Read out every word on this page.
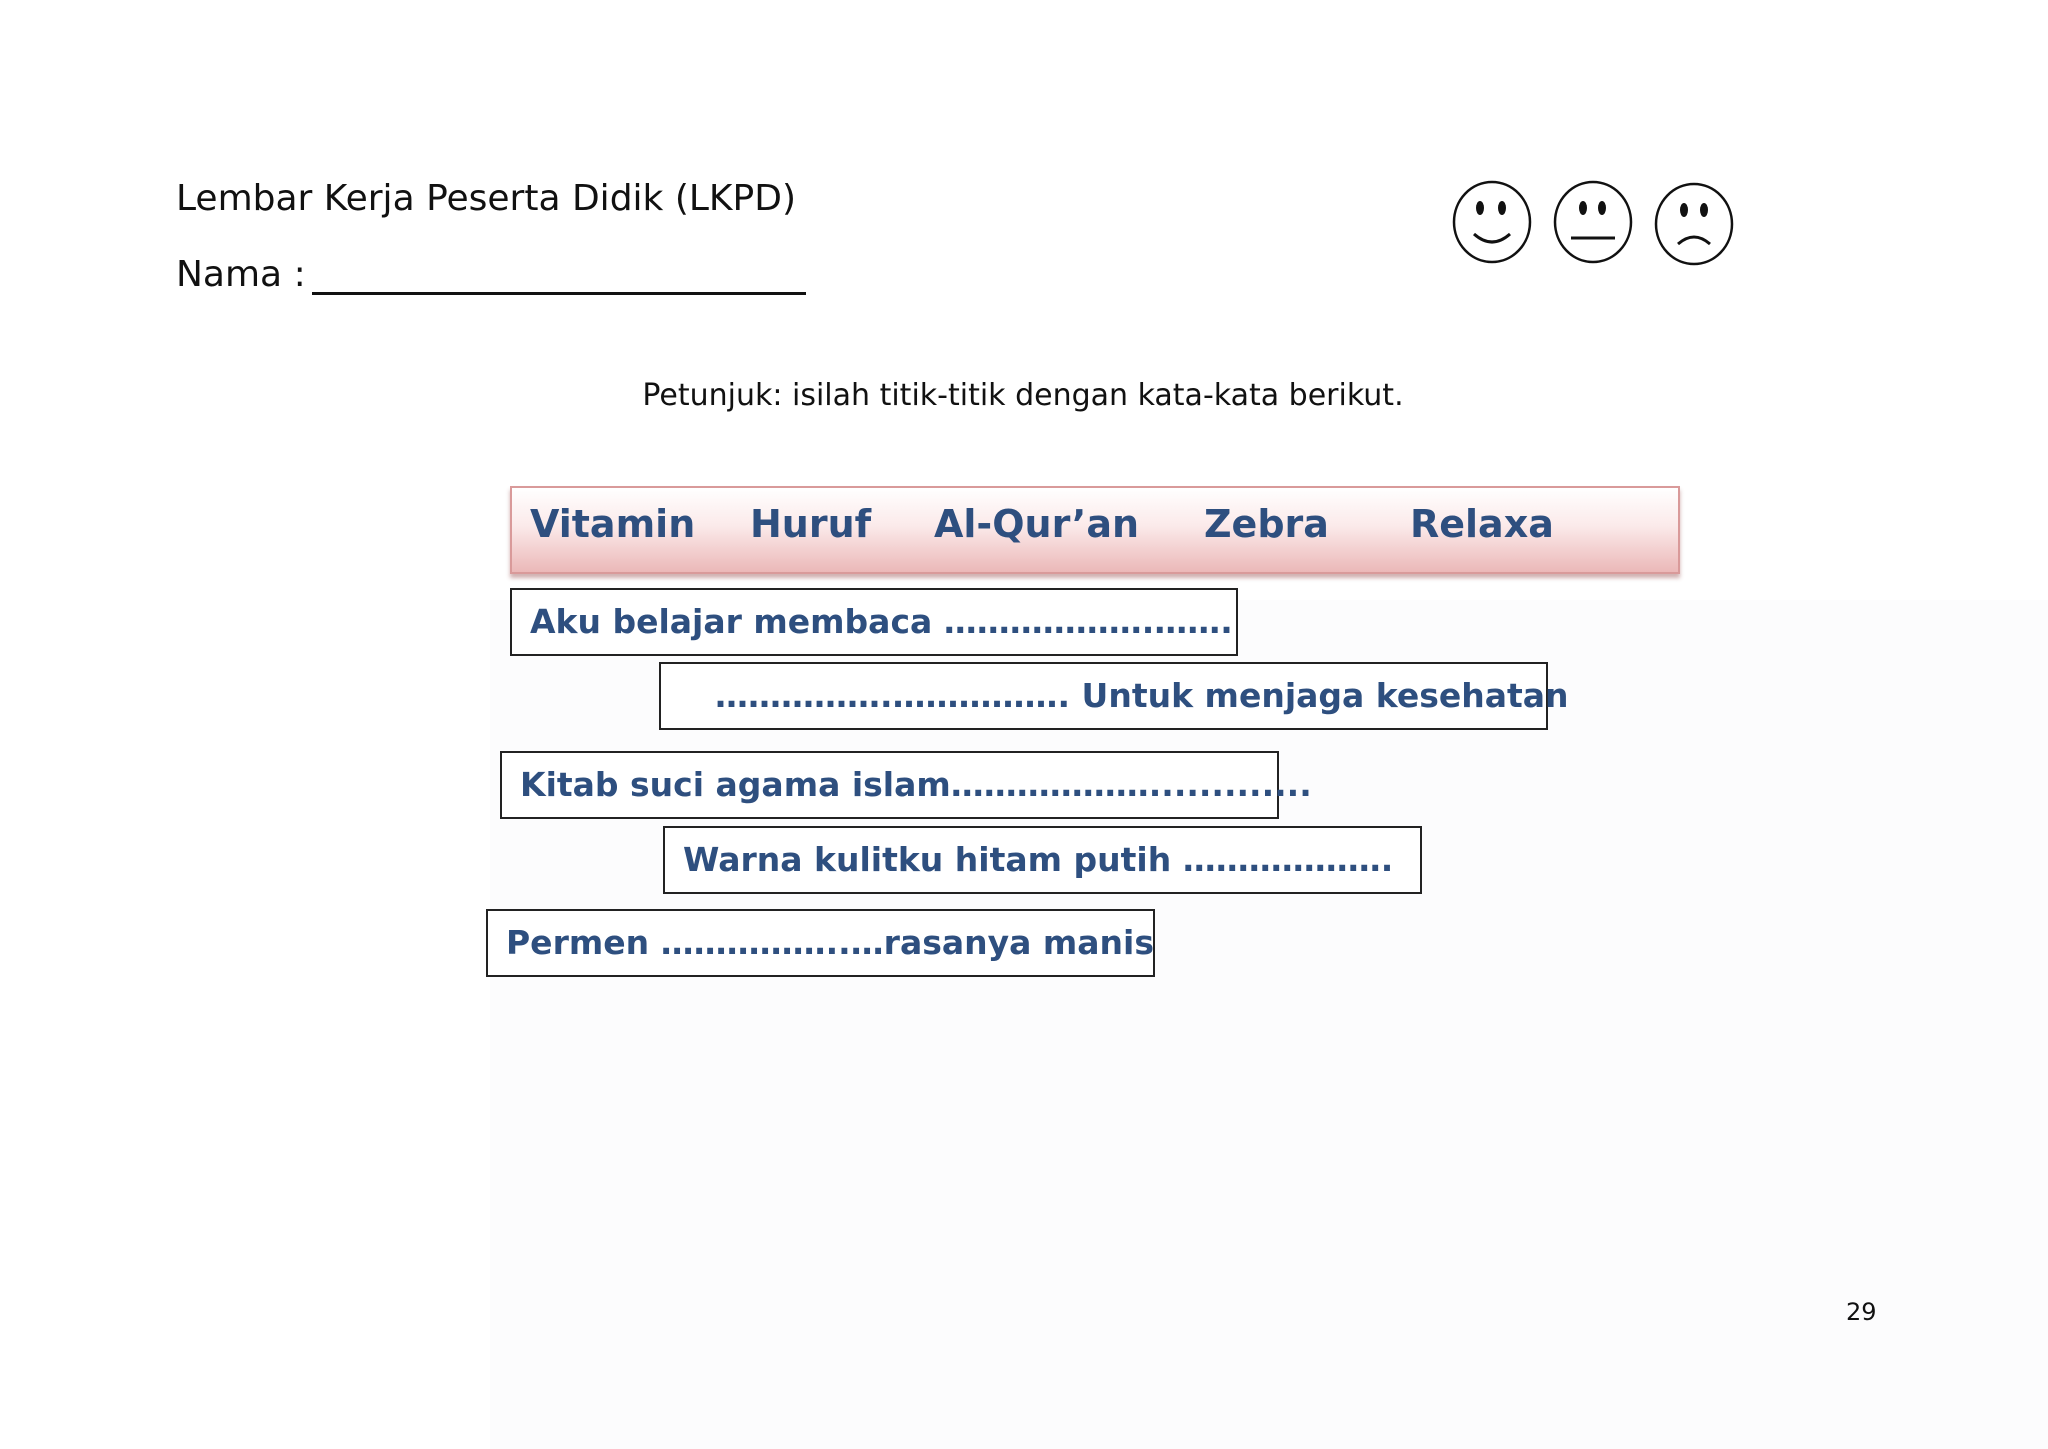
Lembar Kerja Peserta Didik (LKPD)
Nama :
Petunjuk: isilah titik-titik dengan kata-kata berikut.
Vitamin Huruf Al-Qur’an Zebra Relaxa
Aku belajar membaca ……………….…….
…………….……………. Untuk menjaga kesehatan
Kitab suci agama islam……………….............
Warna kulitku hitam putih ……………….
Permen ……………..…rasanya manis
29
